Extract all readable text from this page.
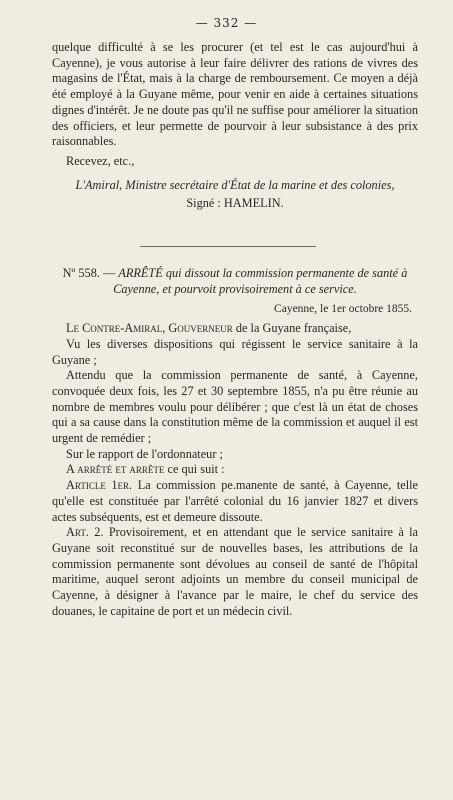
— 332 —

quelque difficulté à se les procurer (et tel est le cas aujourd'hui à Cayenne), je vous autorise à leur faire délivrer des rations de vivres des magasins de l'État, mais à la charge de remboursement. Ce moyen a déjà été employé à la Guyane même, pour venir en aide à certaines situations dignes d'intérêt. Je ne doute pas qu'il ne suffise pour améliorer la situation des officiers, et leur permette de pourvoir à leur subsistance à des prix raisonnables.

Recevez, etc.,

L'Amiral, Ministre secrétaire d'État de la marine et des colonies,

Signé : HAMELIN.

Nº 558. — ARRÊTÉ qui dissout la commission permanente de santé à Cayenne, et pourvoit provisoirement à ce service.

Cayenne, le 1er octobre 1855.

Le Contre-Amiral, Gouverneur de la Guyane française,

Vu les diverses dispositions qui régissent le service sanitaire à la Guyane ;

Attendu que la commission permanente de santé, à Cayenne, convoquée deux fois, les 27 et 30 septembre 1855, n'a pu être réunie au nombre de membres voulu pour délibérer ; que c'est là un état de choses qui a sa cause dans la constitution même de la commission et auquel il est urgent de remédier ;

Sur le rapport de l'ordonnateur ;

A arrêté et arrête ce qui suit :

Article 1er. La commission pe.manente de santé, à Cayenne, telle qu'elle est constituée par l'arrêté colonial du 16 janvier 1827 et divers actes subséquents, est et demeure dissoute.

Art. 2. Provisoirement, et en attendant que le service sanitaire à la Guyane soit reconstitué sur de nouvelles bases, les attributions de la commission permanente sont dévolues au conseil de santé de l'hôpital maritime, auquel seront adjoints un membre du conseil municipal de Cayenne, à désigner à l'avance par le maire, le chef du service des douanes, le capitaine de port et un médecin civil.
